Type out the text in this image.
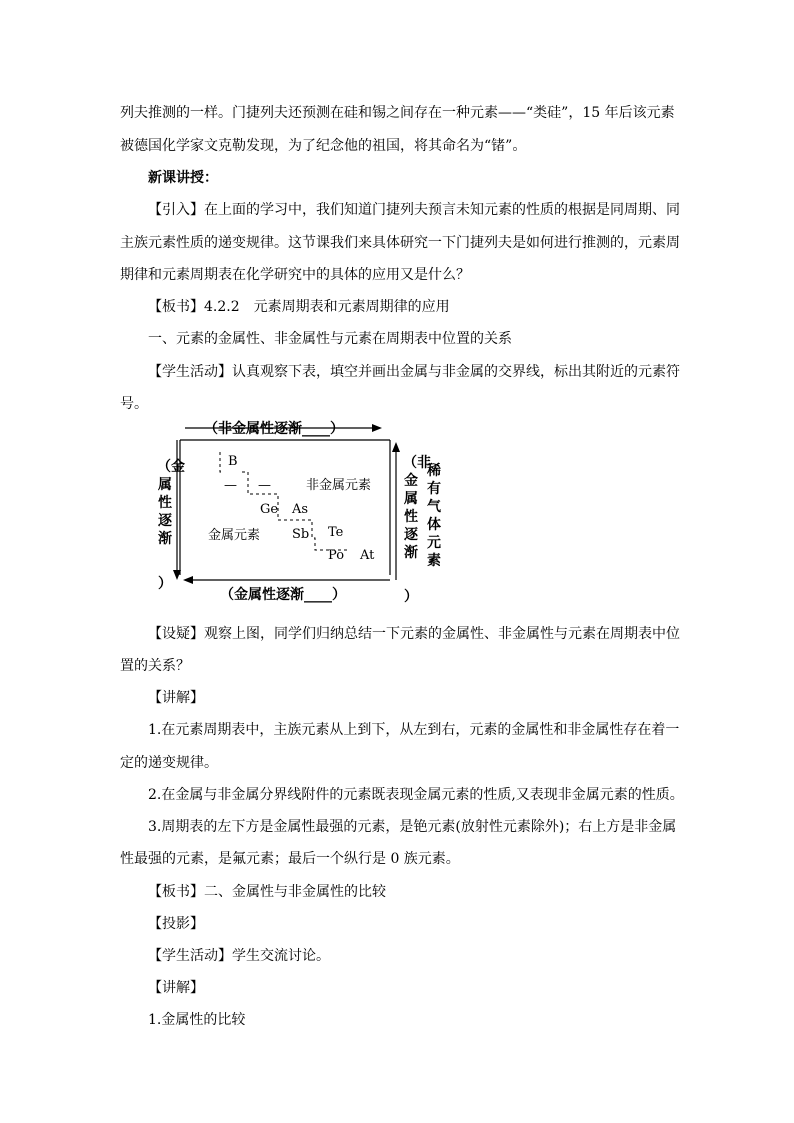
列夫推测的一样。门捷列夫还预测在硅和锡之间存在一种元素——“类硅”，15 年后该元素
被德国化学家文克勒发现，为了纪念他的祖国，将其命名为“锗”。
新课讲授：
【引入】在上面的学习中，我们知道门捷列夫预言未知元素的性质的根据是同周期、同
主族元素性质的递变规律。这节课我们来具体研究一下门捷列夫是如何进行推测的，元素周
期律和元素周期表在化学研究中的具体的应用又是什么？
【板书】4.2.2　元素周期表和元素周期律的应用
一、元素的金属性、非金属性与元素在周期表中位置的关系
【学生活动】认真观察下表，填空并画出金属与非金属的交界线，标出其附近的元素符
号。
（非金属性逐渐____）
（金属性逐渐____）
（金属性逐渐
）
（非金属性逐渐
）
稀有气体元素
B
— —	非金属元素
Ge As
金属元素 Sb Te
Po At
【设疑】观察上图，同学们归纳总结一下元素的金属性、非金属性与元素在周期表中位
置的关系？
【讲解】
1.在元素周期表中，主族元素从上到下，从左到右，元素的金属性和非金属性存在着一
定的递变规律。
2.在金属与非金属分界线附件的元素既表现金属元素的性质,又表现非金属元素的性质。
3.周期表的左下方是金属性最强的元素，是铯元素(放射性元素除外)；右上方是非金属
性最强的元素，是氟元素；最后一个纵行是 0 族元素。
【板书】二、金属性与非金属性的比较
【投影】
【学生活动】学生交流讨论。
【讲解】
1.金属性的比较
